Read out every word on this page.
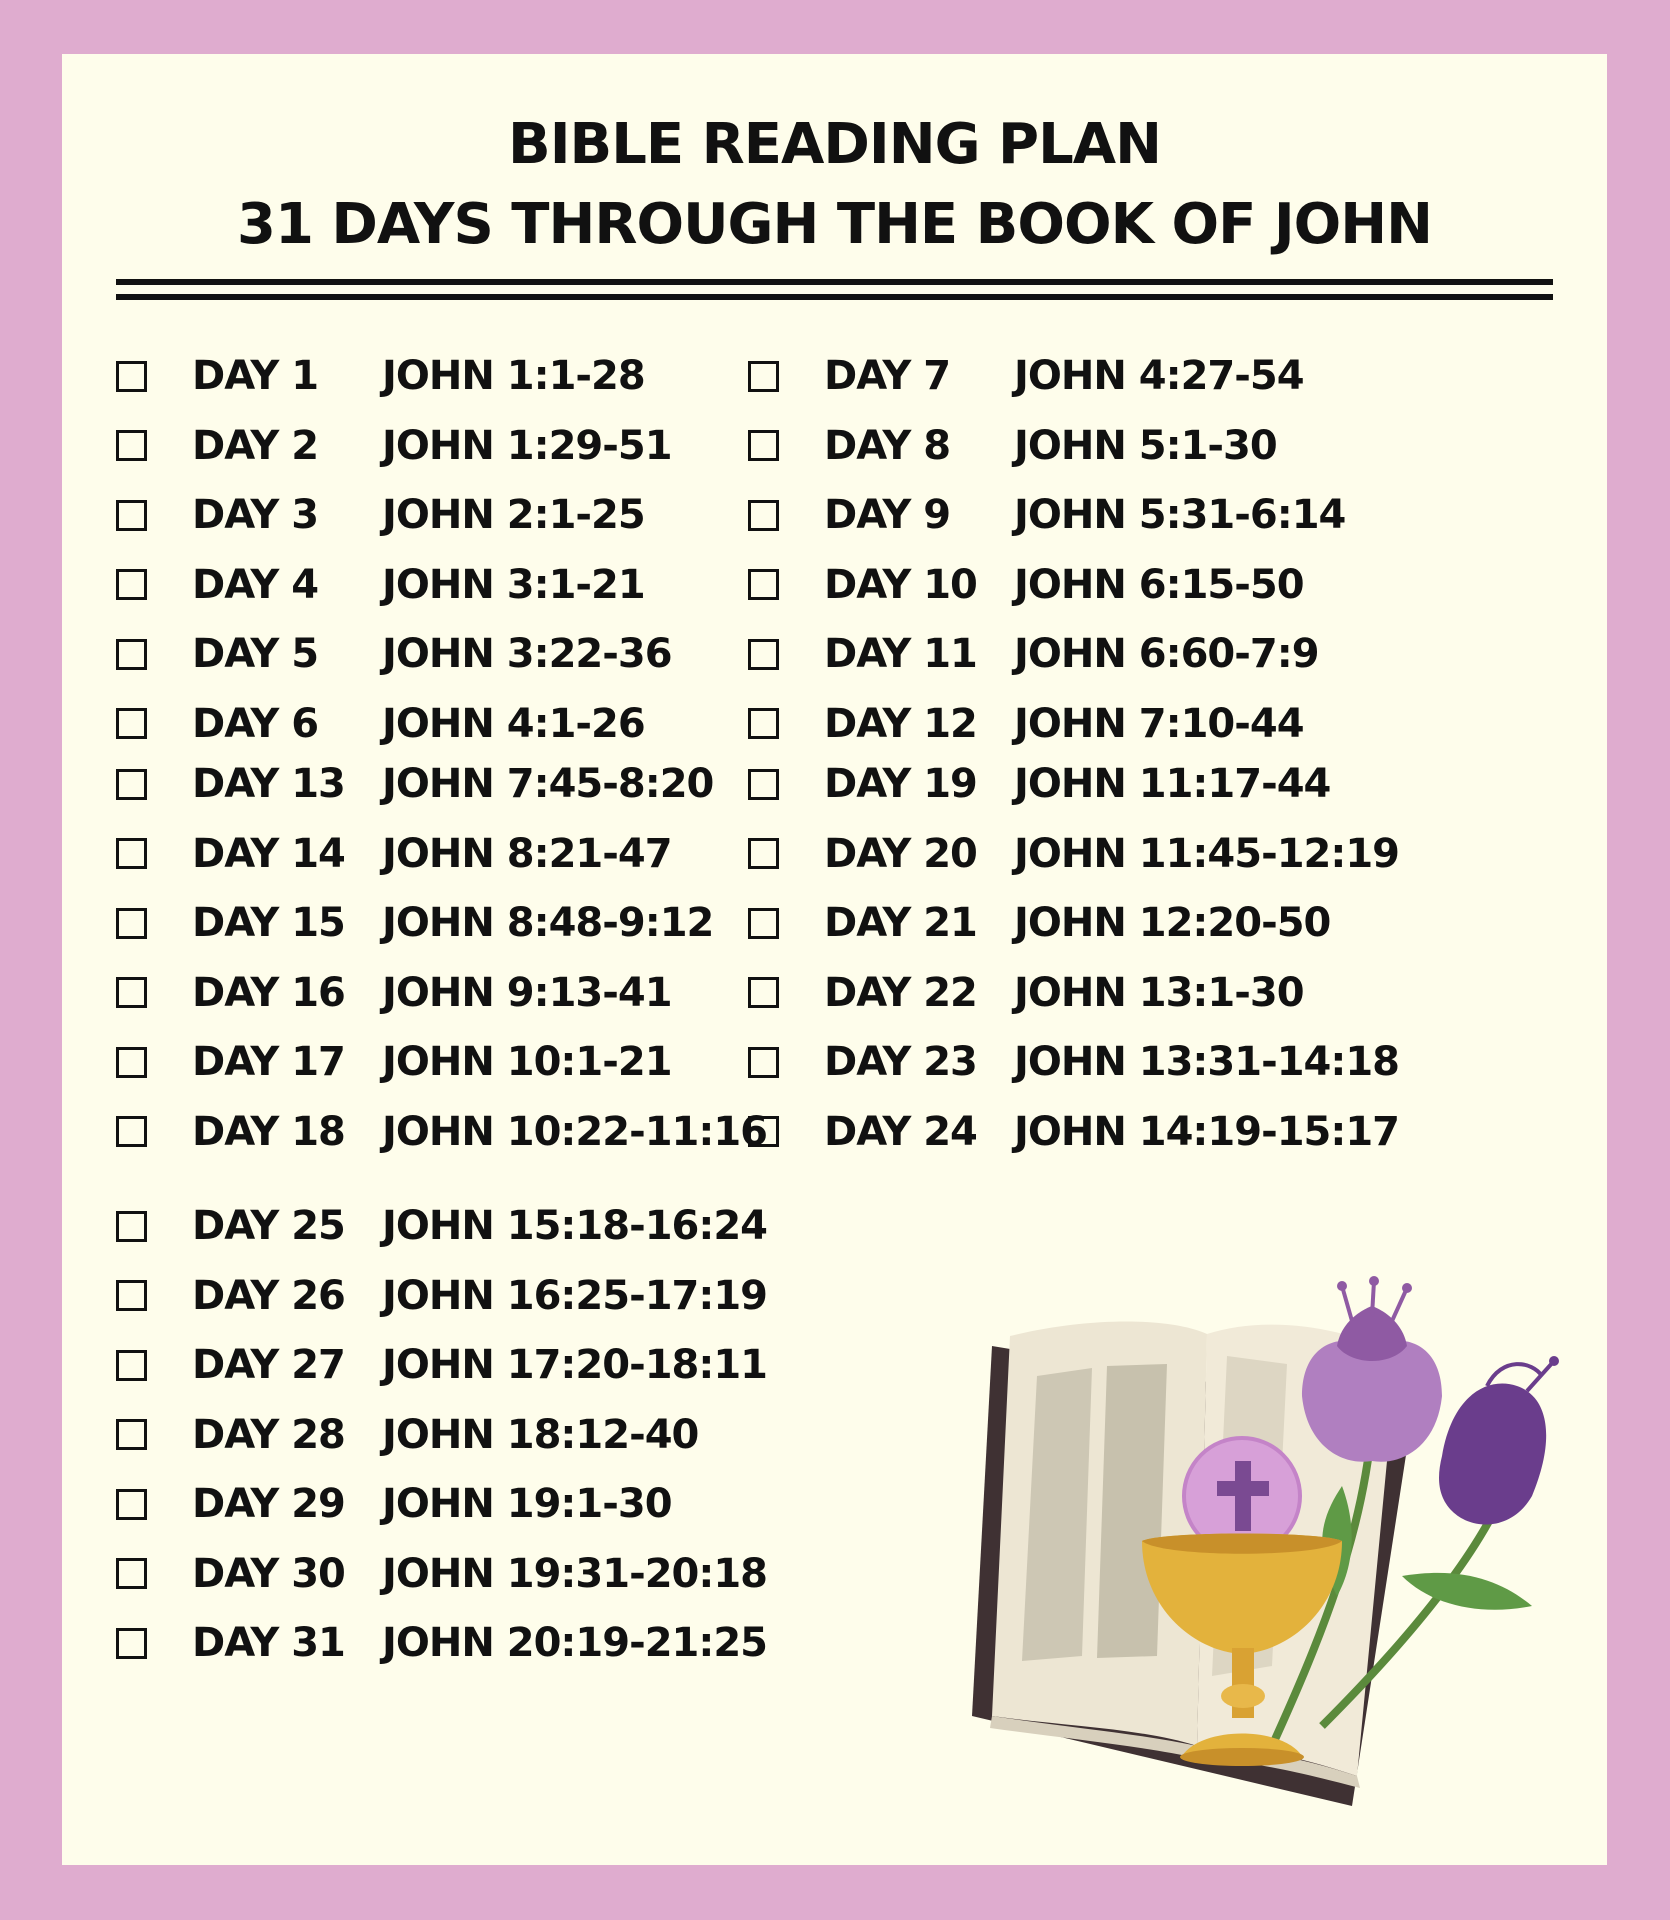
BIBLE READING PLAN
31 DAYS THROUGH THE BOOK OF JOHN
DAY 1	JOHN 1:1-28
DAY 2	JOHN 1:29-51
DAY 3	JOHN 2:1-25
DAY 4	JOHN 3:1-21
DAY 5	JOHN 3:22-36
DAY 6	JOHN 4:1-26
DAY 7	JOHN 4:27-54
DAY 8	JOHN 5:1-30
DAY 9	JOHN 5:31-6:14
DAY 10 JOHN 6:15-50
DAY 11 JOHN 6:60-7:9
DAY 12 JOHN 7:10-44
DAY 13 JOHN 7:45-8:20
DAY 14 JOHN 8:21-47
DAY 15 JOHN 8:48-9:12
DAY 16 JOHN 9:13-41
DAY 17 JOHN 10:1-21
DAY 18 JOHN 10:22-11:16
DAY 19 JOHN 11:17-44
DAY 20 JOHN 11:45-12:19
DAY 21 JOHN 12:20-50
DAY 22 JOHN 13:1-30
DAY 23 JOHN 13:31-14:18
DAY 24 JOHN 14:19-15:17
DAY 25 JOHN 15:18-16:24
DAY 26 JOHN 16:25-17:19
DAY 27 JOHN 17:20-18:11
DAY 28 JOHN 18:12-40
DAY 29 JOHN 19:1-30
DAY 30 JOHN 19:31-20:18
DAY 31 JOHN 20:19-21:25
